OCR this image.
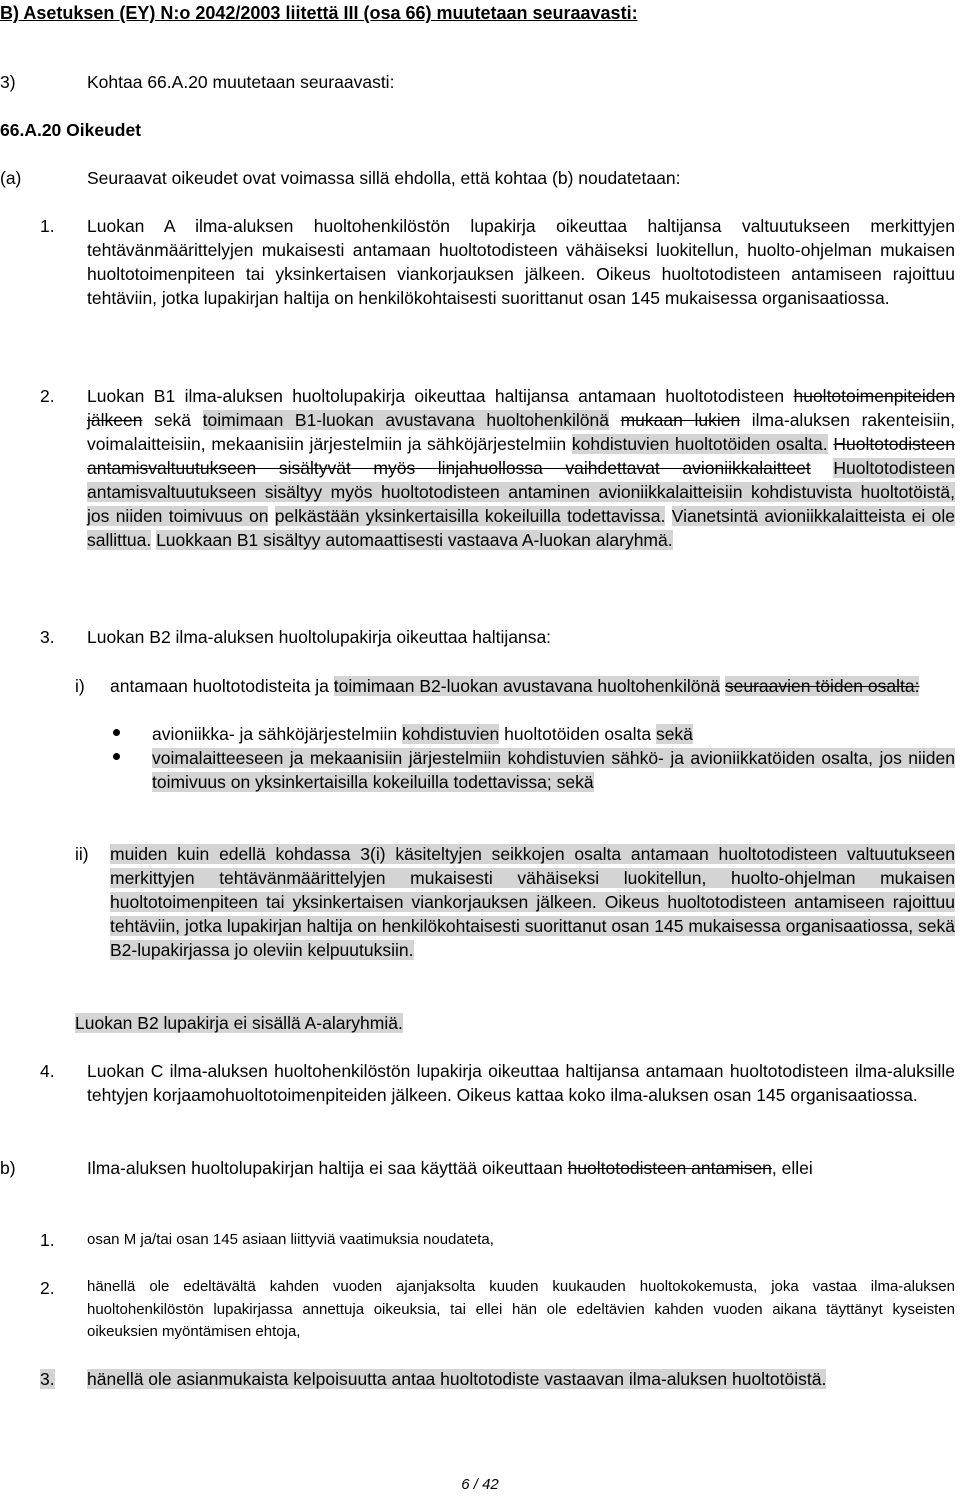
B) Asetuksen (EY) N:o 2042/2003 liitettä III (osa 66) muutetaan seuraavasti:
3)	Kohtaa 66.A.20 muutetaan seuraavasti:
66.A.20 Oikeudet
(a)	Seuraavat oikeudet ovat voimassa sillä ehdolla, että kohtaa (b) noudatetaan:
1. Luokan A ilma-aluksen huoltohenkilöstön lupakirja oikeuttaa haltijansa valtuutukseen merkittyjen tehtävänmäärittelyjen mukaisesti antamaan huoltotodisteen vähäiseksi luokitellun, huolto-ohjelman mukaisen huoltotoimenpiteen tai yksinkertaisen viankorjauksen jälkeen. Oikeus huoltotodisteen antamiseen rajoittuu tehtäviin, jotka lupakirjan haltija on henkilökohtaisesti suorittanut osan 145 mukaisessa organisaatiossa.

2. Luokan B1 ilma-aluksen huoltolupakirja oikeuttaa haltijansa antamaan huoltotodisteen huoltotoimenpiteiden jälkeen sekä toimimaan B1-luokan avustavana huoltohenkilönä mukaan lukien ilma-aluksen rakenteisiin, voimalaitteisiin, mekaanisiin järjestelmiin ja sähköjärjestelmiin kohdistuvien huoltotöiden osalta. Huoltotodisteen antamisvaltuutukseen sisältyvät myös linjahuollossa vaihdettavat avioniikkalaitteet Huoltotodisteen antamisvaltuutukseen sisältyy myös huoltotodisteen antaminen avioniikkalaitteisiin kohdistuvista huoltotöistä, jos niiden toimivuus on pelkästään yksinkertaisilla kokeiluilla todettavissa. Vianetsintä avioniikkalaitteista ei ole sallittua. Luokkaan B1 sisältyy automaattisesti vastaava A-luokan alaryhmä.

3. Luokan B2 ilma-aluksen huoltolupakirja oikeuttaa haltijansa:
i) antamaan huoltotodisteita ja toimimaan B2-luokan avustavana huoltohenkilönä seuraavien töiden osalta:

avioniikka- ja sähköjärjestelmiin kohdistuvien huoltotöiden osalta sekä

voimalaitteeseen ja mekaanisiin järjestelmiin kohdistuvien sähkö- ja avioniikkatöiden osalta, jos niiden toimivuus on yksinkertaisilla kokeiluilla todettavissa; sekä

ii) muiden kuin edellä kohdassa 3(i) käsiteltyjen seikkojen osalta antamaan huoltotodisteen valtuutukseen merkittyjen tehtävänmäärittelyjen mukaisesti vähäiseksi luokitellun, huolto-ohjelman mukaisen huoltotoimenpiteen tai yksinkertaisen viankorjauksen jälkeen. Oikeus huoltotodisteen antamiseen rajoittuu tehtäviin, jotka lupakirjan haltija on henkilökohtaisesti suorittanut osan 145 mukaisessa organisaatiossa, sekä B2-lupakirjassa jo oleviin kelpuutuksiin.

Luokan B2 lupakirja ei sisällä A-alaryhmiä.
4. Luokan C ilma-aluksen huoltohenkilöstön lupakirja oikeuttaa haltijansa antamaan huoltotodisteen ilma-aluksille tehtyjen korjaamohuoltotoimenpiteiden jälkeen. Oikeus kattaa koko ilma-aluksen osan 145 organisaatiossa.

b)	Ilma-aluksen huoltolupakirjan haltija ei saa käyttää oikeuttaan huoltotodisteen antamisen, ellei

1. osan M ja/tai osan 145 asiaan liittyviä vaatimuksia noudateta,
2. hänellä ole edeltävältä kahden vuoden ajanjaksolta kuuden kuukauden huoltokokemusta, joka vastaa ilma-aluksen huoltohenkilöstön lupakirjassa annettuja oikeuksia, tai ellei hän ole edeltävien kahden vuoden aikana täyttänyt kyseisten oikeuksien myöntämisen ehtoja,

3. hänellä ole asianmukaista kelpoisuutta antaa huoltotodiste vastaavan ilma-aluksen huoltotöistä.

6 / 42
